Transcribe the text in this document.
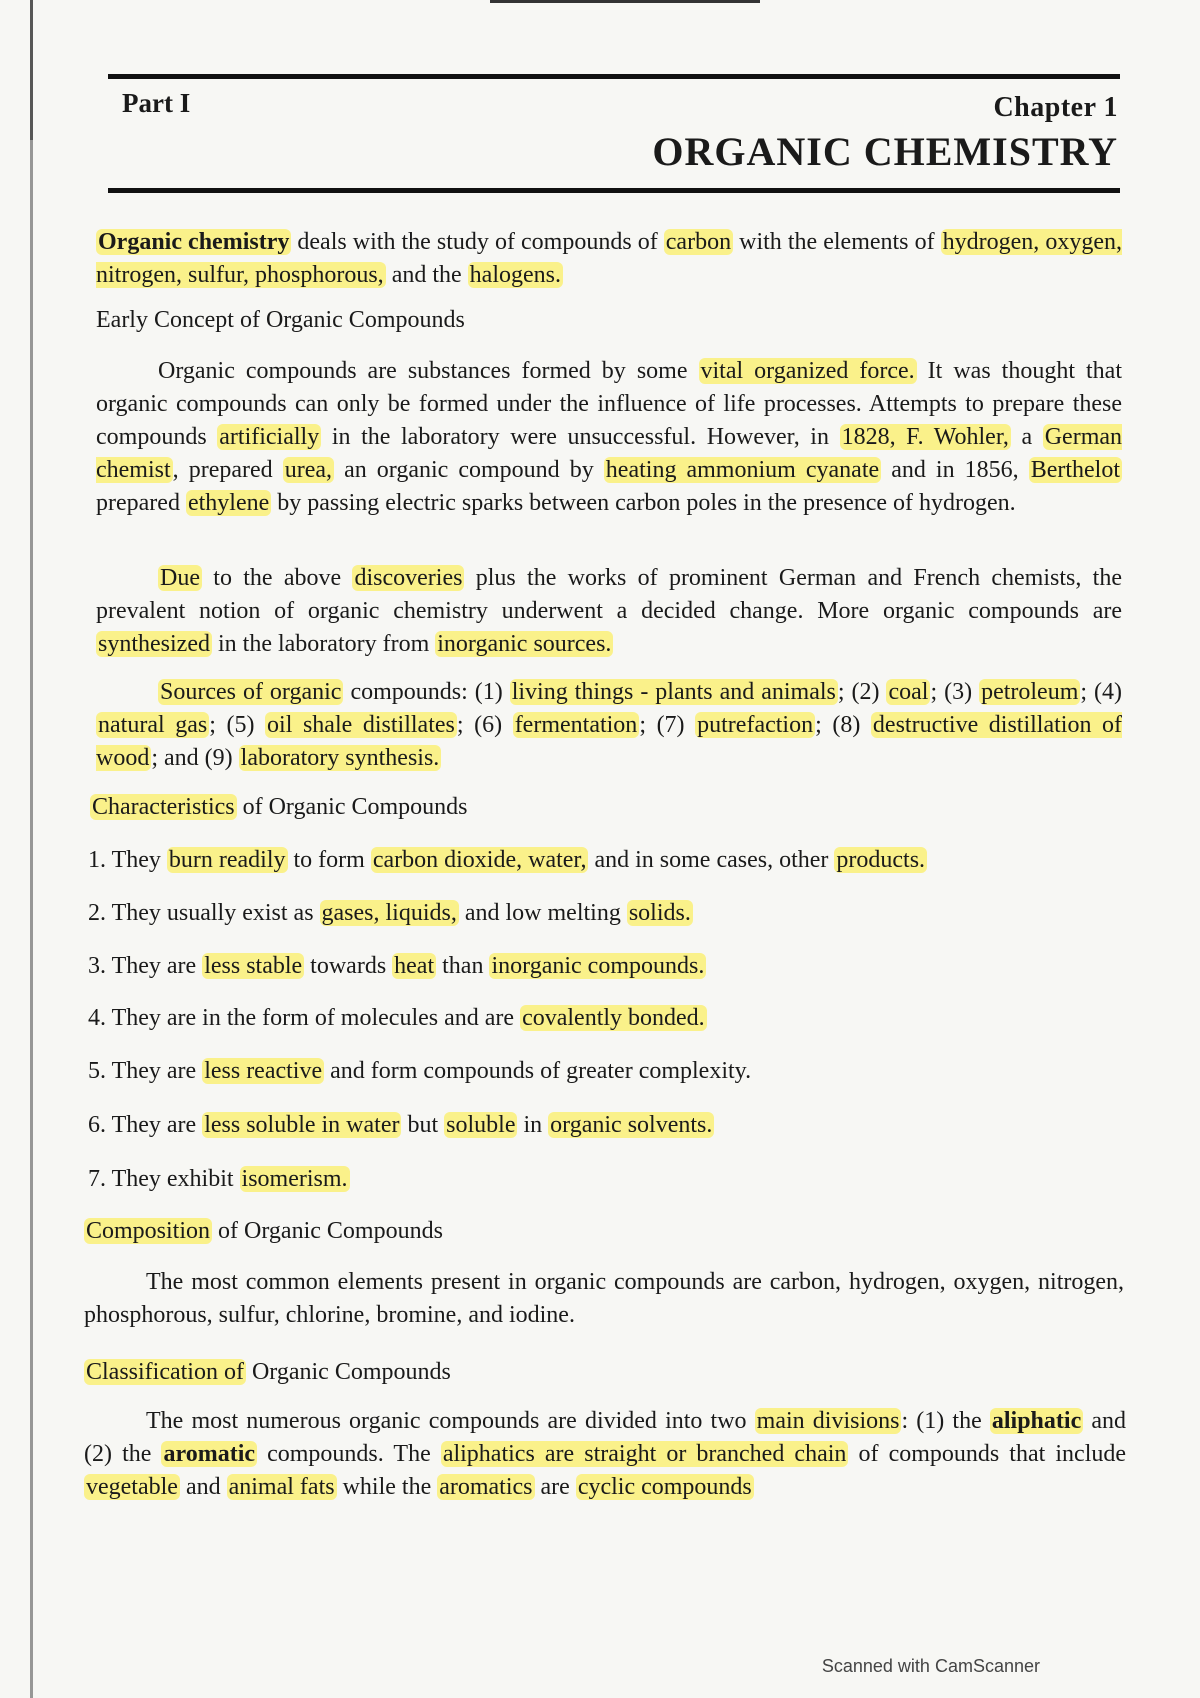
Part I	Chapter 1
ORGANIC CHEMISTRY
Organic chemistry deals with the study of compounds of carbon with the elements of hydrogen, oxygen, nitrogen, sulfur, phosphorous, and the halogens.
Early Concept of Organic Compounds
Organic compounds are substances formed by some vital organized force. It was thought that organic compounds can only be formed under the influence of life processes. Attempts to prepare these compounds artificially in the laboratory were unsuccessful. However, in 1828, F. Wohler, a German chemist, prepared urea, an organic compound by heating ammonium cyanate and in 1856, Berthelot prepared ethylene by passing electric sparks between carbon poles in the presence of hydrogen.
Due to the above discoveries plus the works of prominent German and French chemists, the prevalent notion of organic chemistry underwent a decided change. More organic compounds are synthesized in the laboratory from inorganic sources.
Sources of organic compounds: (1) living things - plants and animals; (2) coal; (3) petroleum; (4) natural gas; (5) oil shale distillates; (6) fermentation; (7) putrefaction; (8) destructive distillation of wood; and (9) laboratory synthesis.
Characteristics of Organic Compounds
1. They burn readily to form carbon dioxide, water, and in some cases, other products.
2. They usually exist as gases, liquids, and low melting solids.
3. They are less stable towards heat than inorganic compounds.
4. They are in the form of molecules and are covalently bonded.
5. They are less reactive and form compounds of greater complexity.
6. They are less soluble in water but soluble in organic solvents.
7. They exhibit isomerism.
Composition of Organic Compounds
The most common elements present in organic compounds are carbon, hydrogen, oxygen, nitrogen, phosphorous, sulfur, chlorine, bromine, and iodine.
Classification of Organic Compounds
The most numerous organic compounds are divided into two main divisions: (1) the aliphatic and (2) the aromatic compounds. The aliphatics are straight or branched chain of compounds that include vegetable and animal fats while the aromatics are cyclic compounds
Scanned with CamScanner
